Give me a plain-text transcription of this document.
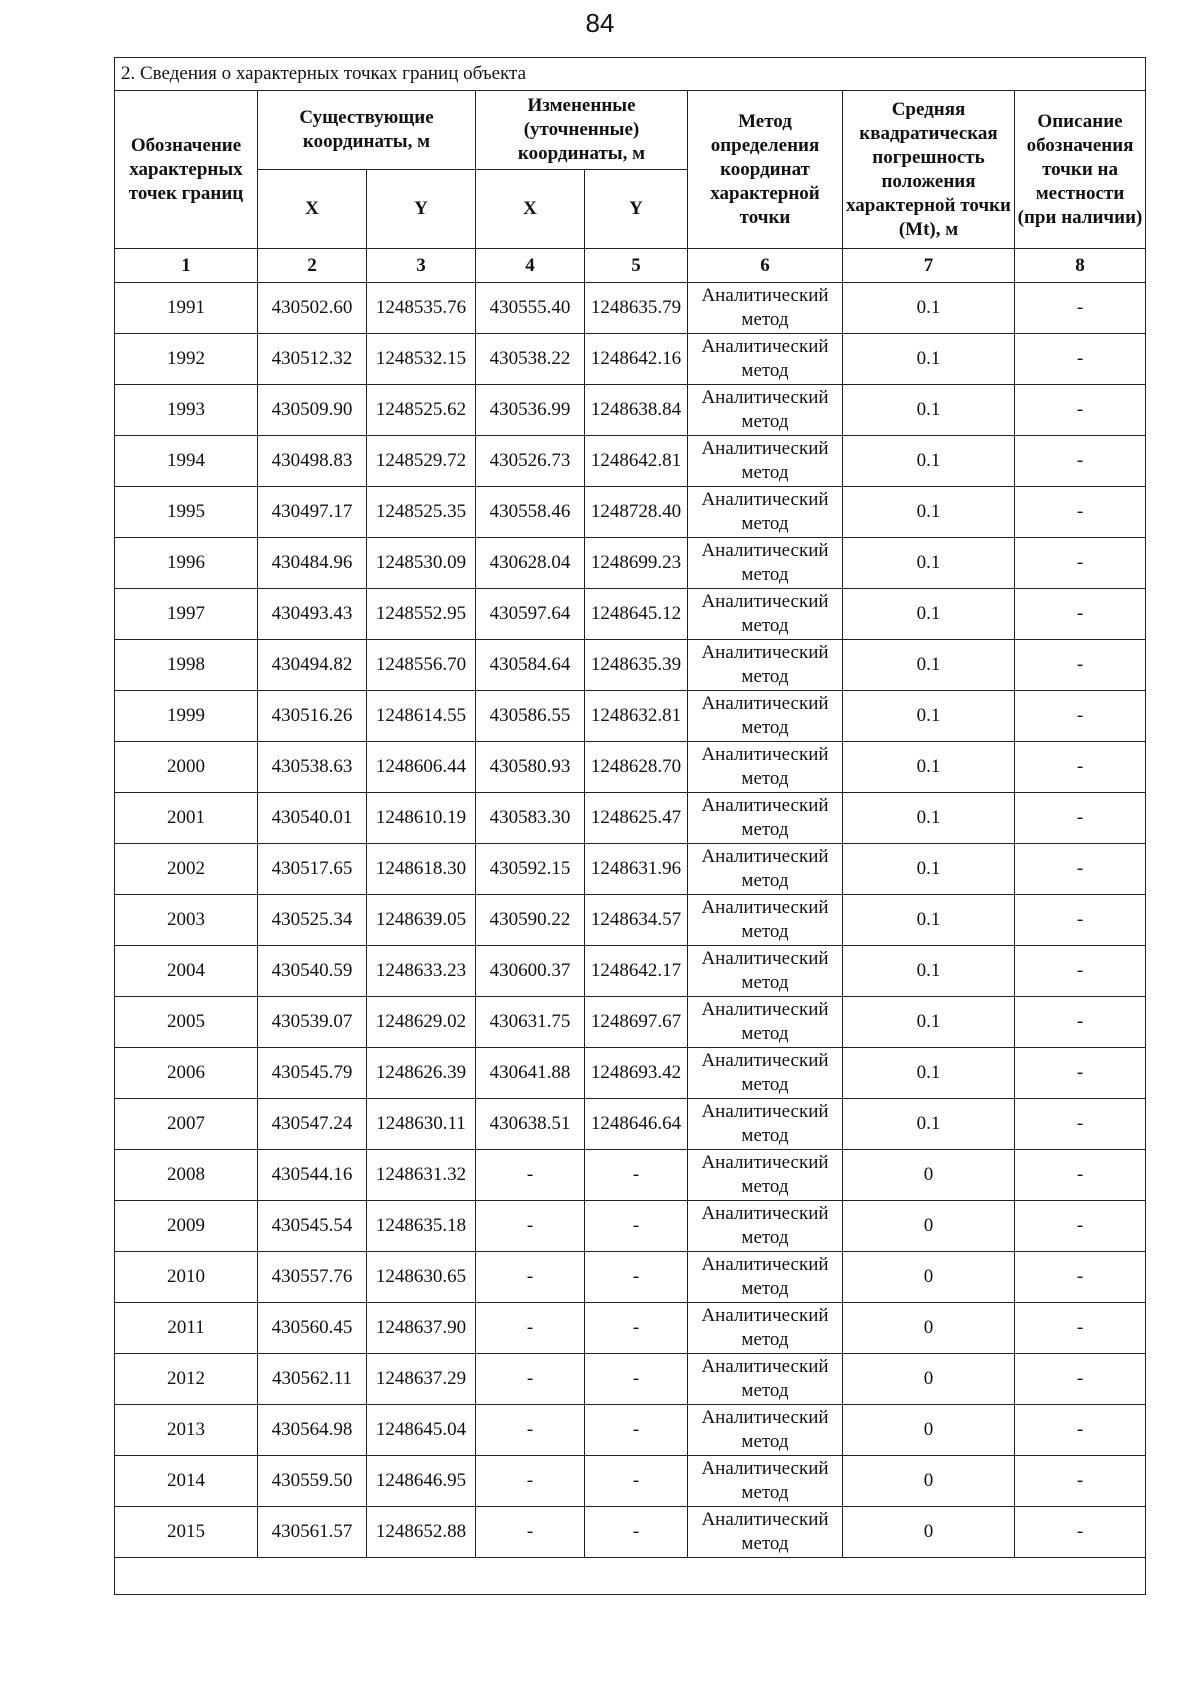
84
2. Сведения о характерных точках границ объекта							
Обозначение характерных точек границ	Существующие координаты, м		Измененные (уточненные) координаты, м		Метод определения координат характерной точки	Средняя квадратическая погрешность положения характерной точки (Mt), м	Описание обозначения точки на местности (при наличии)
	X	Y	X	Y			
1	2	3	4	5	6	7	8
1991	430502.60	1248535.76	430555.40	1248635.79	Аналитический метод	0.1	-
1992	430512.32	1248532.15	430538.22	1248642.16	Аналитический метод	0.1	-
1993	430509.90	1248525.62	430536.99	1248638.84	Аналитический метод	0.1	-
1994	430498.83	1248529.72	430526.73	1248642.81	Аналитический метод	0.1	-
1995	430497.17	1248525.35	430558.46	1248728.40	Аналитический метод	0.1	-
1996	430484.96	1248530.09	430628.04	1248699.23	Аналитический метод	0.1	-
1997	430493.43	1248552.95	430597.64	1248645.12	Аналитический метод	0.1	-
1998	430494.82	1248556.70	430584.64	1248635.39	Аналитический метод	0.1	-
1999	430516.26	1248614.55	430586.55	1248632.81	Аналитический метод	0.1	-
2000	430538.63	1248606.44	430580.93	1248628.70	Аналитический метод	0.1	-
2001	430540.01	1248610.19	430583.30	1248625.47	Аналитический метод	0.1	-
2002	430517.65	1248618.30	430592.15	1248631.96	Аналитический метод	0.1	-
2003	430525.34	1248639.05	430590.22	1248634.57	Аналитический метод	0.1	-
2004	430540.59	1248633.23	430600.37	1248642.17	Аналитический метод	0.1	-
2005	430539.07	1248629.02	430631.75	1248697.67	Аналитический метод	0.1	-
2006	430545.79	1248626.39	430641.88	1248693.42	Аналитический метод	0.1	-
2007	430547.24	1248630.11	430638.51	1248646.64	Аналитический метод	0.1	-
2008	430544.16	1248631.32	-	-	Аналитический метод	0	-
2009	430545.54	1248635.18	-	-	Аналитический метод	0	-
2010	430557.76	1248630.65	-	-	Аналитический метод	0	-
2011	430560.45	1248637.90	-	-	Аналитический метод	0	-
2012	430562.11	1248637.29	-	-	Аналитический метод	0	-
2013	430564.98	1248645.04	-	-	Аналитический метод	0	-
2014	430559.50	1248646.95	-	-	Аналитический метод	0	-
2015	430561.57	1248652.88	-	-	Аналитический метод	0	-
